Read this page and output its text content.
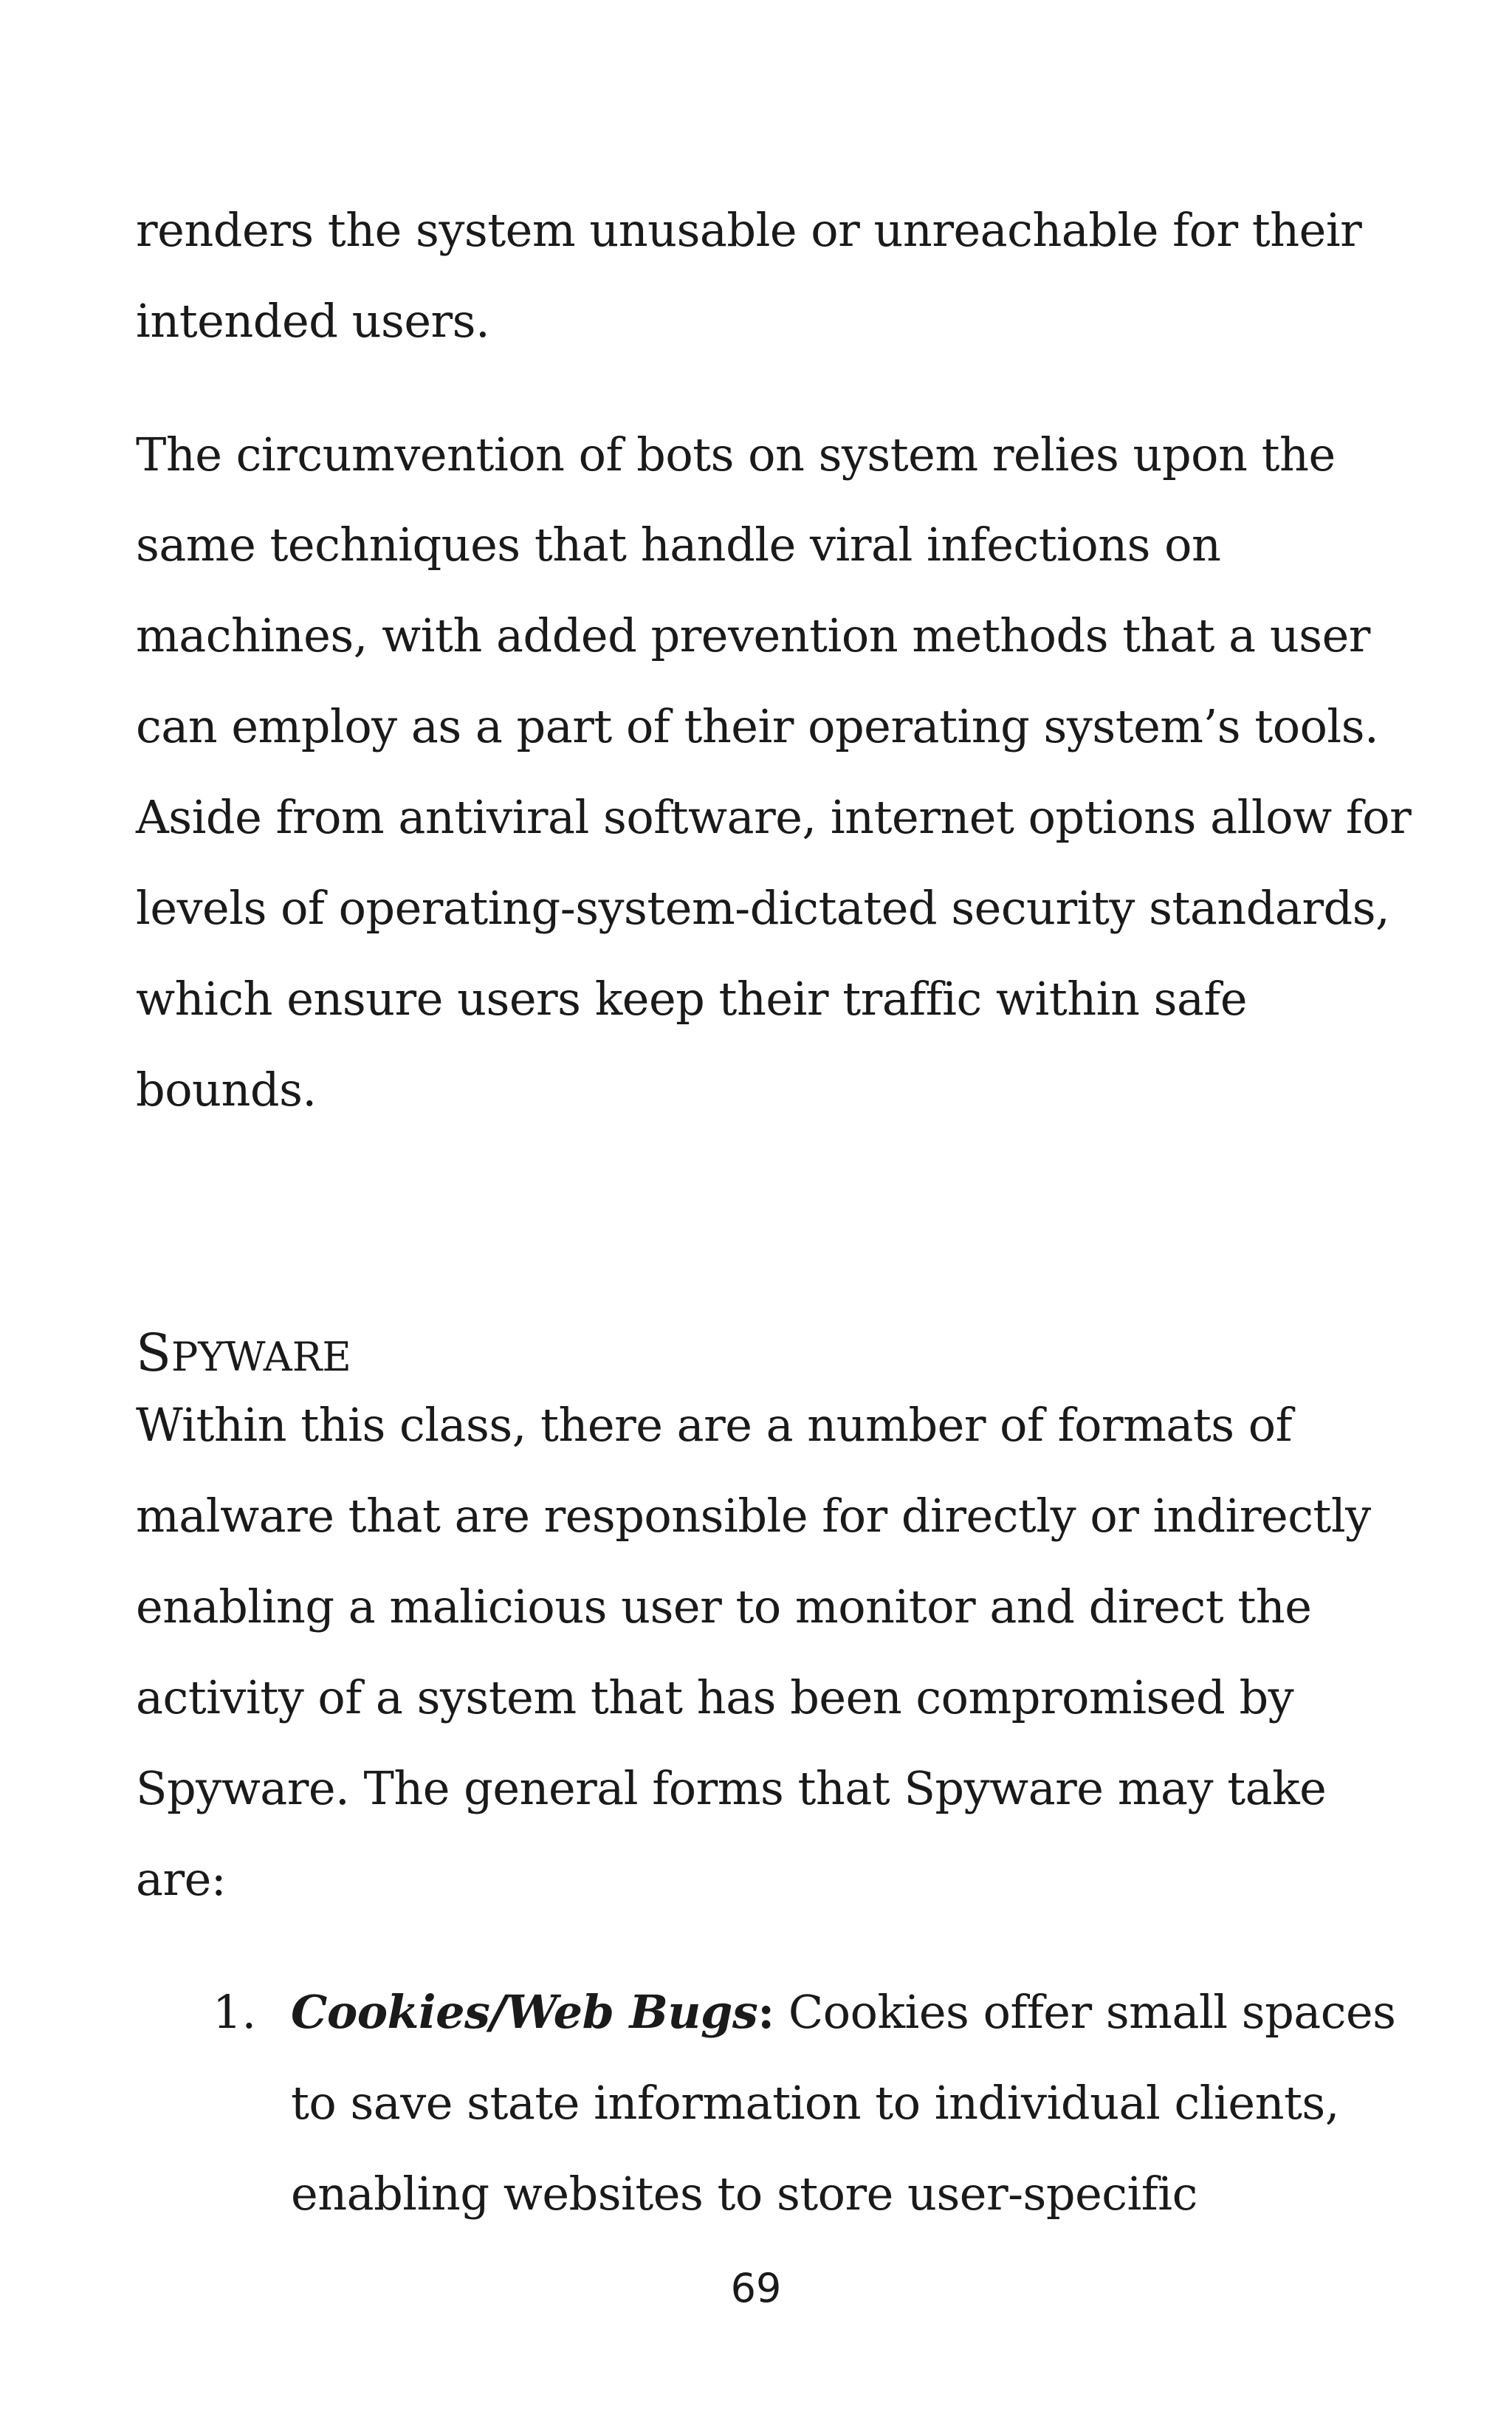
renders the system unusable or unreachable for their
intended users.
The circumvention of bots on system relies upon the
same techniques that handle viral infections on
machines, with added prevention methods that a user
can employ as a part of their operating system’s tools.
Aside from antiviral software, internet options allow for
levels of operating-system-dictated security standards,
which ensure users keep their traffic within safe
bounds.
SPYWARE
Within this class, there are a number of formats of
malware that are responsible for directly or indirectly
enabling a malicious user to monitor and direct the
activity of a system that has been compromised by
Spyware. The general forms that Spyware may take
are:
1. Cookies/Web Bugs: Cookies offer small spaces
to save state information to individual clients,
enabling websites to store user-specific
69
